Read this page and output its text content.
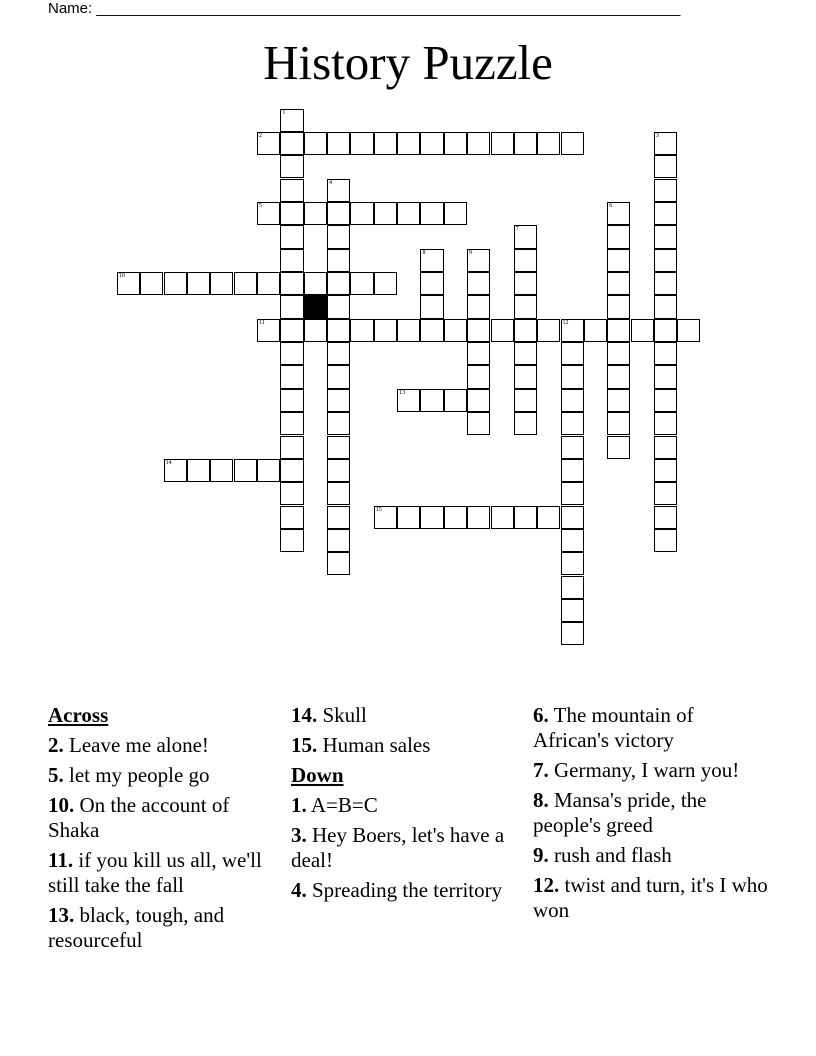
Name: ______________________________________________________________________
History Puzzle
1
2	3
4
5	6
7
8	9
10
11	12
13
14
15
Across
2. Leave me alone!
5. let my people go
10. On the account of Shaka
11. if you kill us all, we'll still take the fall
13. black, tough, and resourceful
14. Skull
15. Human sales
Down
1. A=B=C
3. Hey Boers, let's have a deal!
4. Spreading the territory
6. The mountain of African's victory
7. Germany, I warn you!
8. Mansa's pride, the people's greed
9. rush and flash
12. twist and turn, it's I who won
